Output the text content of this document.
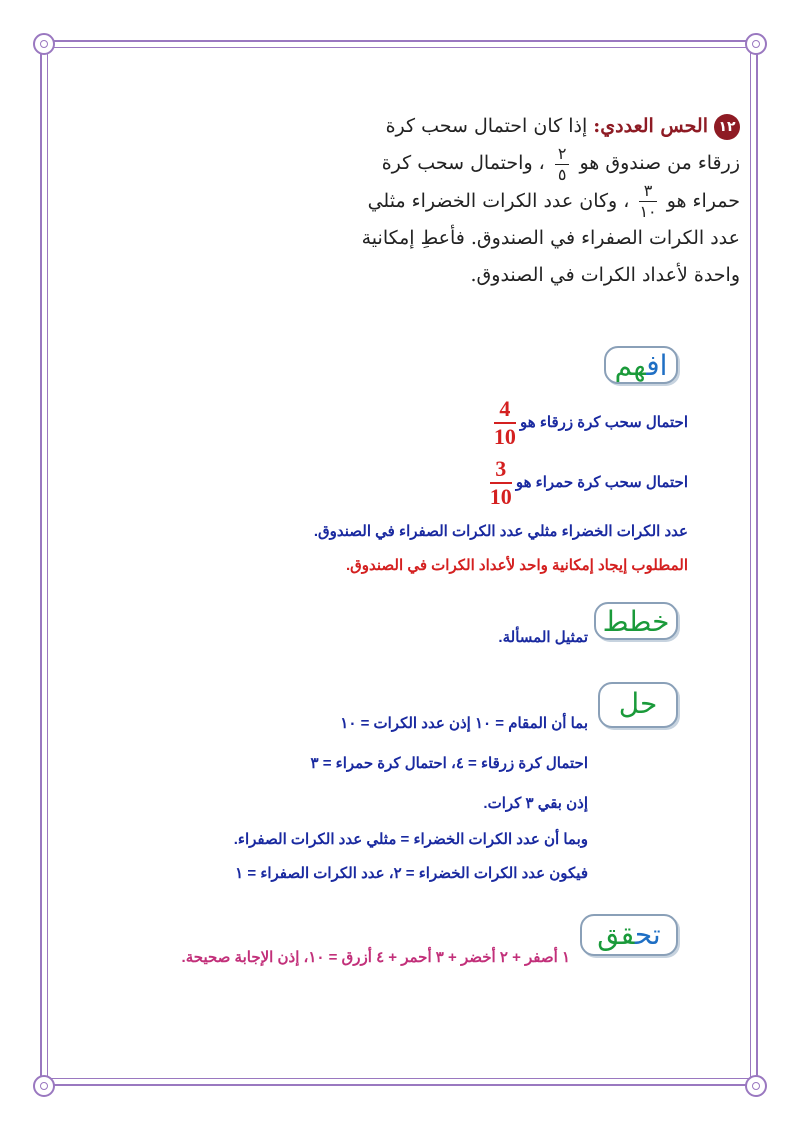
١٢الحس العددي: إذا كان احتمال سحب كرة
زرقاء من صندوق هو
$\frac{٢}{٥}$
، واحتمال سحب كرة
حمراء هو
$\frac{٣}{١٠}$
، وكان عدد الكرات الخضراء مثلي
عدد الكرات الصفراء في الصندوق. فأعطِ إمكانية
واحدة لأعداد الكرات في الصندوق.
افهم
احتمال سحب كرة زرقاء هو
$\frac{4}{10}$
احتمال سحب كرة حمراء هو
$\frac{3}{10}$
عدد الكرات الخضراء مثلي عدد الكرات الصفراء في الصندوق.
المطلوب إيجاد إمكانية واحد لأعداد الكرات في الصندوق.
خطط
تمثيل المسألة.
حل
بما أن المقام = ١٠ إذن عدد الكرات = ١٠
احتمال كرة زرقاء = ٤، احتمال كرة حمراء = ٣
إذن بقي ٣ كرات.
وبما أن عدد الكرات الخضراء = مثلي عدد الكرات الصفراء.
فيكون عدد الكرات الخضراء = ٢، عدد الكرات الصفراء = ١
تحقق
١ أصفر + ٢ أخضر + ٣ أحمر + ٤ أزرق = ١٠، إذن الإجابة صحيحة.
